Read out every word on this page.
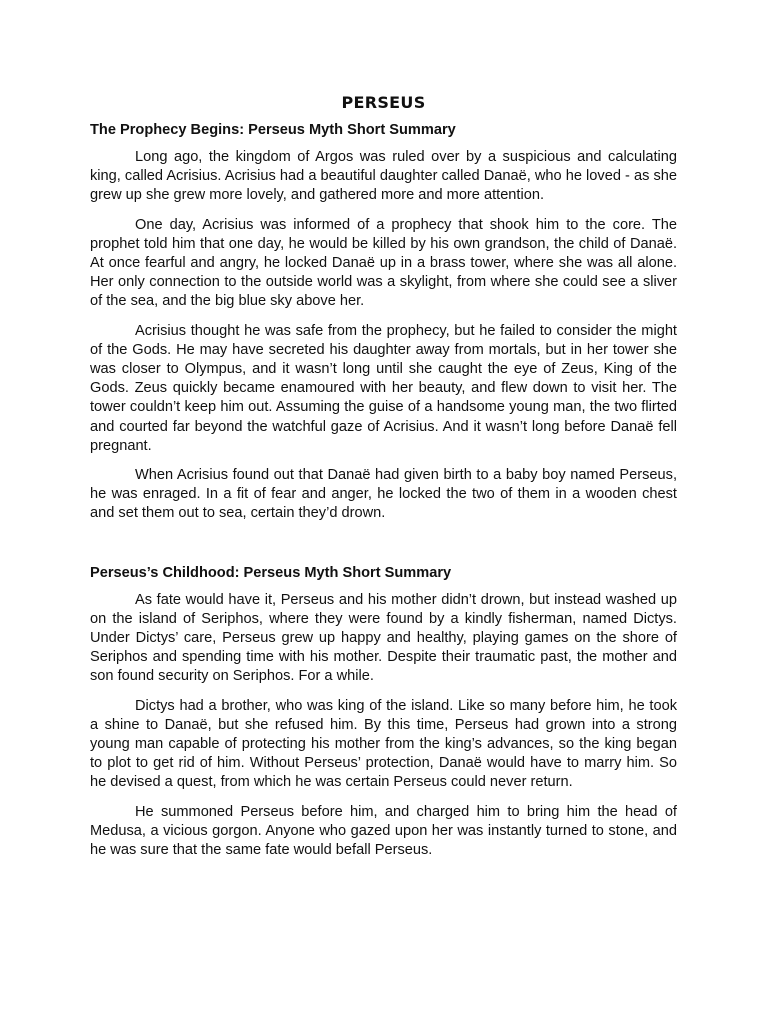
PERSEUS
The Prophecy Begins: Perseus Myth Short Summary

Long ago, the kingdom of Argos was ruled over by a suspicious and calculating king, called Acrisius. Acrisius had a beautiful daughter called Danaë, who he loved - as she grew up she grew more lovely, and gathered more and more attention.

One day, Acrisius was informed of a prophecy that shook him to the core. The prophet told him that one day, he would be killed by his own grandson, the child of Danaë. At once fearful and angry, he locked Danaë up in a brass tower, where she was all alone. Her only connection to the outside world was a skylight, from where she could see a sliver of the sea, and the big blue sky above her.

Acrisius thought he was safe from the prophecy, but he failed to consider the might of the Gods. He may have secreted his daughter away from mortals, but in her tower she was closer to Olympus, and it wasn’t long until she caught the eye of Zeus, King of the Gods. Zeus quickly became enamoured with her beauty, and flew down to visit her. The tower couldn’t keep him out. Assuming the guise of a handsome young man, the two flirted and courted far beyond the watchful gaze of Acrisius. And it wasn’t long before Danaë fell pregnant.

When Acrisius found out that Danaë had given birth to a baby boy named Perseus, he was enraged. In a fit of fear and anger, he locked the two of them in a wooden chest and set them out to sea, certain they’d drown.

Perseus’s Childhood: Perseus Myth Short Summary

As fate would have it, Perseus and his mother didn’t drown, but instead washed up on the island of Seriphos, where they were found by a kindly fisherman, named Dictys. Under Dictys’ care, Perseus grew up happy and healthy, playing games on the shore of Seriphos and spending time with his mother. Despite their traumatic past, the mother and son found security on Seriphos. For a while.

Dictys had a brother, who was king of the island. Like so many before him, he took a shine to Danaë, but she refused him. By this time, Perseus had grown into a strong young man capable of protecting his mother from the king’s advances, so the king began to plot to get rid of him. Without Perseus’ protection, Danaë would have to marry him. So he devised a quest, from which he was certain Perseus could never return.

He summoned Perseus before him, and charged him to bring him the head of Medusa, a vicious gorgon. Anyone who gazed upon her was instantly turned to stone, and he was sure that the same fate would befall Perseus.
